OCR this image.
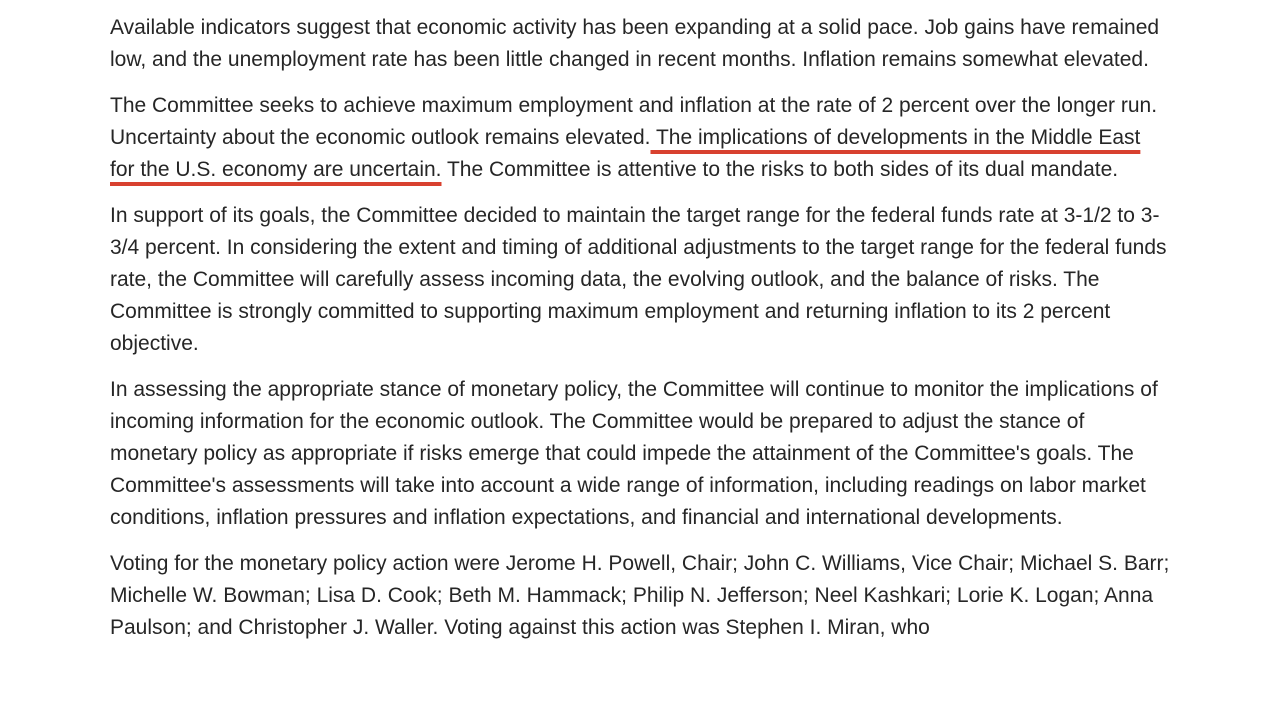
Available indicators suggest that economic activity has been expanding at a solid pace. Job gains have remained low, and the unemployment rate has been little changed in recent months. Inflation remains somewhat elevated.

The Committee seeks to achieve maximum employment and inflation at the rate of 2 percent over the longer run. Uncertainty about the economic outlook remains elevated. The implications of developments in the Middle East for the U.S. economy are uncertain. The Committee is attentive to the risks to both sides of its dual mandate.

In support of its goals, the Committee decided to maintain the target range for the federal funds rate at 3-1/2 to 3-3/4 percent. In considering the extent and timing of additional adjustments to the target range for the federal funds rate, the Committee will carefully assess incoming data, the evolving outlook, and the balance of risks. The Committee is strongly committed to supporting maximum employment and returning inflation to its 2 percent objective.

In assessing the appropriate stance of monetary policy, the Committee will continue to monitor the implications of incoming information for the economic outlook. The Committee would be prepared to adjust the stance of monetary policy as appropriate if risks emerge that could impede the attainment of the Committee's goals. The Committee's assessments will take into account a wide range of information, including readings on labor market conditions, inflation pressures and inflation expectations, and financial and international developments.

Voting for the monetary policy action were Jerome H. Powell, Chair; John C. Williams, Vice Chair; Michael S. Barr; Michelle W. Bowman; Lisa D. Cook; Beth M. Hammack; Philip N. Jefferson; Neel Kashkari; Lorie K. Logan; Anna Paulson; and Christopher J. Waller. Voting against this action was Stephen I. Miran, who
